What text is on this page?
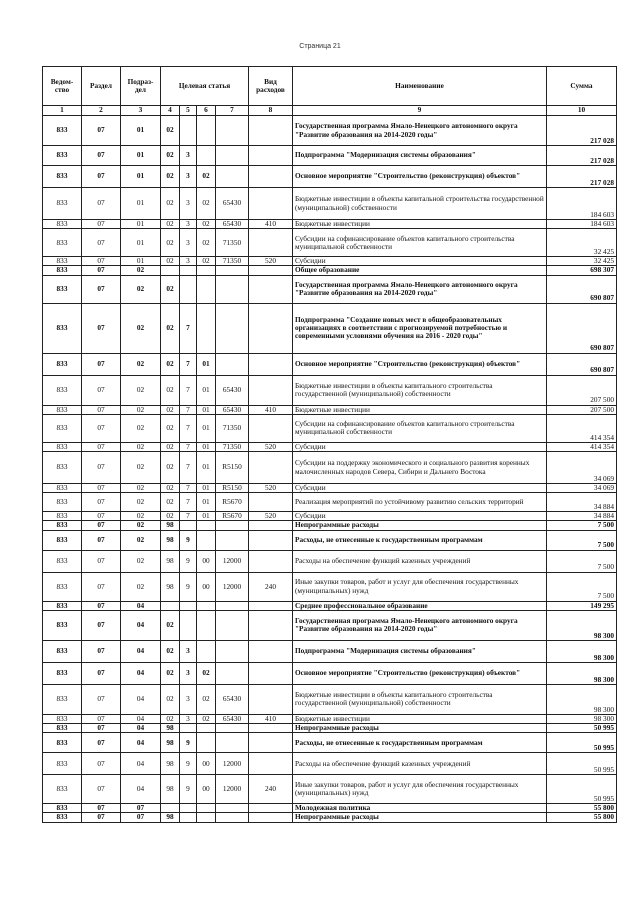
Страница 21
Ведом-ство	Раздел	Подраз-дел	Целевая статья				Вид расходов	Наименование	Сумма
1	2	3	4	5	6	7	8	9	10
833	07	01	02					Государственная программа Ямало-Ненецкого автономного округа "Развитие образования на 2014-2020 годы"	217 028
833	07	01	02	3				Подпрограмма "Модернизация системы образования"	217 028
833	07	01	02	3	02			Основное мероприятие "Строительство (реконструкция) объектов"	217 028
833	07	01	02	3	02	65430		Бюджетные инвестиции в объекты капитальной строительства государственной (муниципальной) собственности	184 603
833	07	01	02	3	02	65430	410	Бюджетные инвестиции	184 603
833	07	01	02	3	02	71350		Субсидии на софинансирование объектов капитального строительства муниципальной собственности	32 425
833	07	01	02	3	02	71350	520	Субсидии	32 425
833	07	02						Общее образование	698 307
833	07	02	02					Государственная программа Ямало-Ненецкого автономного округа "Развитие образования на 2014-2020 годы"	690 807
833	07	02	02	7				Подпрограмма "Создание новых мест в общеобразовательных организациях в соответствии с прогнозируемой потребностью и современными условиями обучения на 2016 - 2020 годы"	690 807
833	07	02	02	7	01			Основное мероприятие "Строительство (реконструкция) объектов"	690 807
833	07	02	02	7	01	65430		Бюджетные инвестиции в объекты капитального строительства государственной (муниципальной) собственности	207 500
833	07	02	02	7	01	65430	410	Бюджетные инвестиции	207 500
833	07	02	02	7	01	71350		Субсидии на софинансирование объектов капитального строительства муниципальной собственности	414 354
833	07	02	02	7	01	71350	520	Субсидии	414 354
833	07	02	02	7	01	R5150		Субсидии на поддержку экономического и социального развития коренных малочисленных народов Севера, Сибири и Дальнего Востока	34 069
833	07	02	02	7	01	R5150	520	Субсидии	34 069
833	07	02	02	7	01	R5670		Реализация мероприятий по устойчивому развитию сельских территорий	34 884
833	07	02	02	7	01	R5670	520	Субсидии	34 884
833	07	02	98					Непрограммные расходы	7 500
833	07	02	98	9				Расходы, не отнесенные к государственным программам	7 500
833	07	02	98	9	00	12000		Расходы на обеспечение функций казенных учреждений	7 500
833	07	02	98	9	00	12000	240	Иные закупки товаров, работ и услуг для обеспечения государственных (муниципальных) нужд	7 500
833	07	04						Среднее профессиональное образование	149 295
833	07	04	02					Государственная программа Ямало-Ненецкого автономного округа "Развитие образования на 2014-2020 годы"	98 300
833	07	04	02	3				Подпрограмма "Модернизация системы образования"	98 300
833	07	04	02	3	02			Основное мероприятие "Строительство (реконструкция) объектов"	98 300
833	07	04	02	3	02	65430		Бюджетные инвестиции в объекты капитального строительства государственной (муниципальной) собственности	98 300
833	07	04	02	3	02	65430	410	Бюджетные инвестиции	98 300
833	07	04	98					Непрограммные расходы	50 995
833	07	04	98	9				Расходы, не отнесенные к государственным программам	50 995
833	07	04	98	9	00	12000		Расходы на обеспечение функций казенных учреждений	50 995
833	07	04	98	9	00	12000	240	Иные закупки товаров, работ и услуг для обеспечения государственных (муниципальных) нужд	50 995
833	07	07						Молодежная политика	55 800
833	07	07	98					Непрограммные расходы	55 800
